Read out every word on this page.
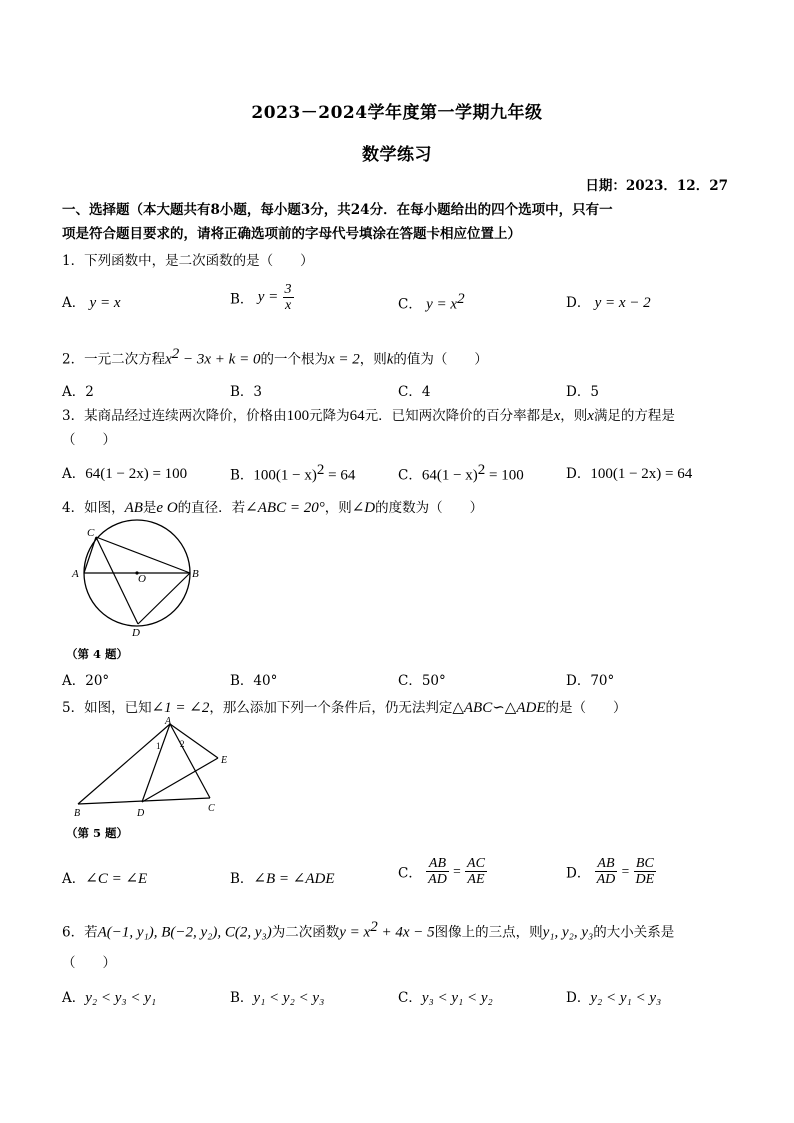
2023－2024学年度第一学期九年级
数学练习
日期：2023．12．27
一、选择题（本大题共有8小题，每小题3分，共24分．在每小题给出的四个选项中，只有一
项是符合题目要求的，请将正确选项前的字母代号填涂在答题卡相应位置上）
1．下列函数中，是二次函数的是（　　）
A． y = x	B． $y = \frac{3}{x}$	C． $y = x^2$	D． y = x − 2
2．一元二次方程$x^2 - 3x + k = 0$的一个根为x = 2，则k的值为（　　）
A．2	B．3	C．4	D．5
3．某商品经过连续两次降价，价格由100元降为64元．已知两次降价的百分率都是x，则x满足的方程是
（　　）
A．64(1 − 2x) = 100	B．$100(1 - x)^2 = 64$	C．$64(1 - x)^2 = 100$	D．100(1 − 2x) = 64
4．如图，AB是e O的直径．若∠ABC = 20°，则∠D的度数为（　　）
C
A	O	B
D
（第 4 题）
A．20°	B．40°	C．50°	D．70°
5．如图，已知∠1 = ∠2，那么添加下列一个条件后，仍无法判定△ABC∽△ADE的是（　　）
A
1 2
E
B	D	C
（第 5 题）
A．∠C = ∠E	B．∠B = ∠ADE	C． $\frac{AB}{AD} = \frac{AC}{AE}$	D． $\frac{AB}{AD} = \frac{BC}{DE}$
6．若A(−1, y₁), B(−2, y₂), C(2, y₃)为二次函数$y = x^2 + 4x - 5$图像上的三点，则y₁, y₂, y₃的大小关系是
（　　）
A．y₂ < y₃ < y₁	B．y₁ < y₂ < y₃	C．y₃ < y₁ < y₂	D．y₂ < y₁ < y₃
